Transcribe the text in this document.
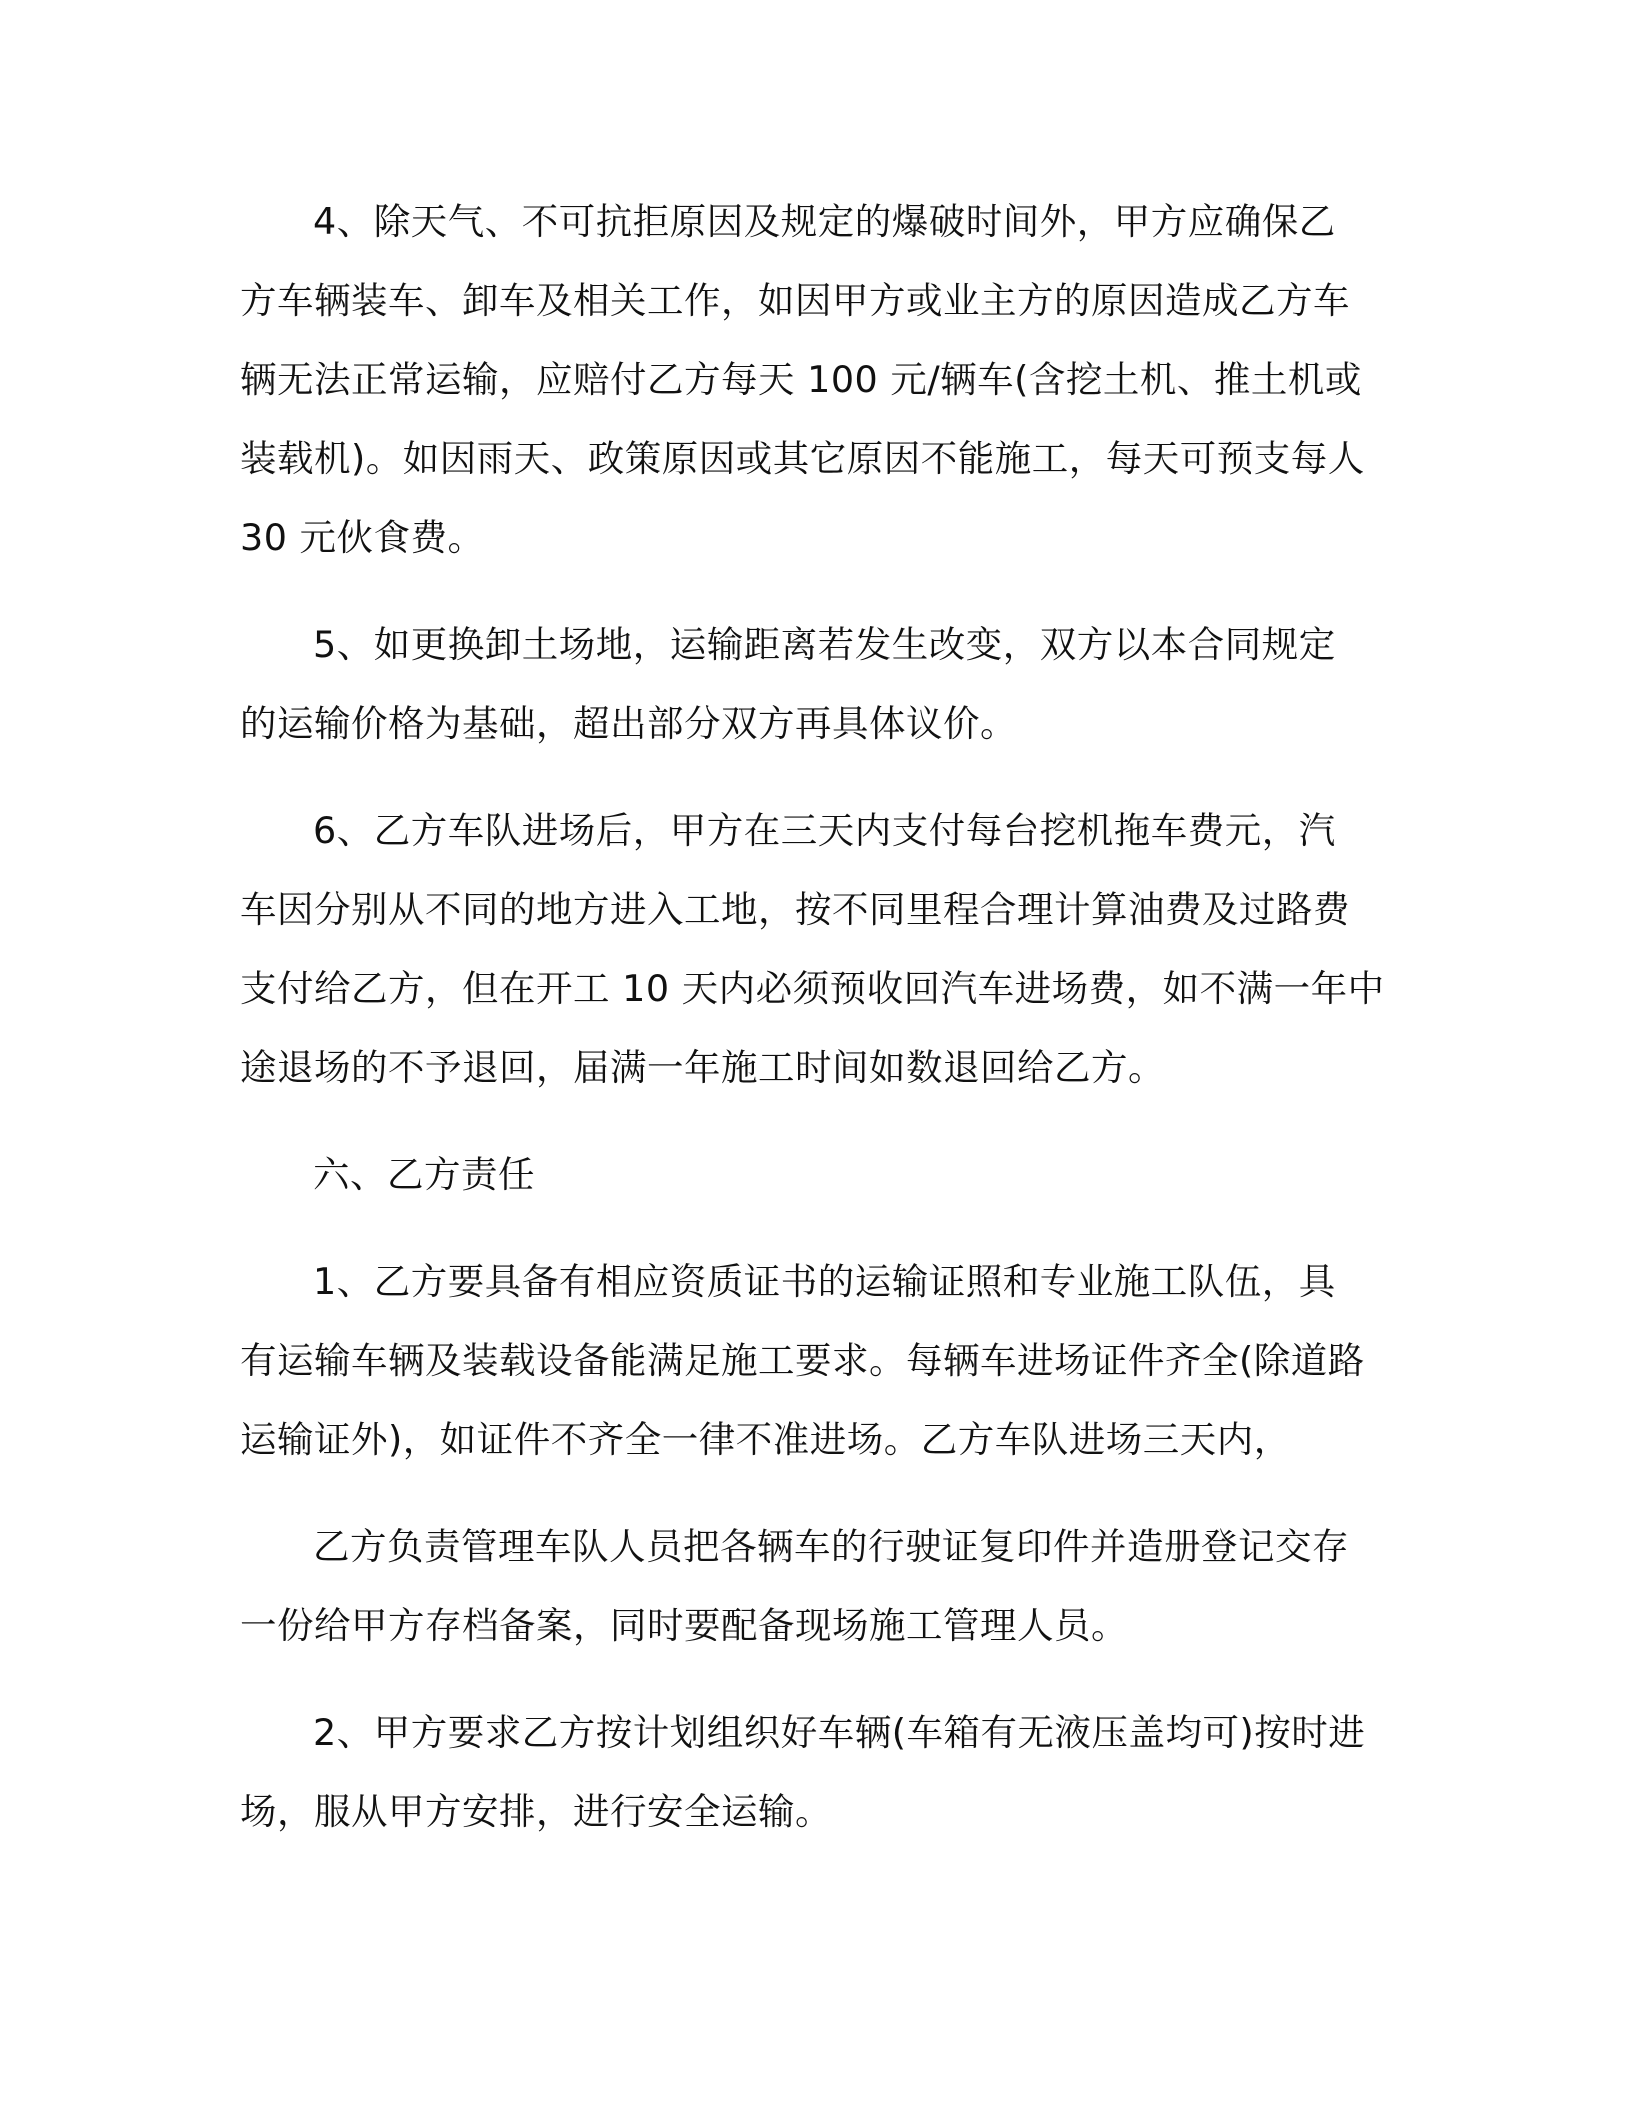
4、除天气、不可抗拒原因及规定的爆破时间外，甲方应确保乙
方车辆装车、卸车及相关工作，如因甲方或业主方的原因造成乙方车
辆无法正常运输，应赔付乙方每天 100 元/辆车(含挖土机、推土机或
装载机)。如因雨天、政策原因或其它原因不能施工，每天可预支每人
30 元伙食费。
5、如更换卸土场地，运输距离若发生改变，双方以本合同规定
的运输价格为基础，超出部分双方再具体议价。
6、乙方车队进场后，甲方在三天内支付每台挖机拖车费元，汽
车因分别从不同的地方进入工地，按不同里程合理计算油费及过路费
支付给乙方，但在开工 10 天内必须预收回汽车进场费，如不满一年中
途退场的不予退回，届满一年施工时间如数退回给乙方。
六、乙方责任
1、乙方要具备有相应资质证书的运输证照和专业施工队伍，具
有运输车辆及装载设备能满足施工要求。每辆车进场证件齐全(除道路
运输证外)，如证件不齐全一律不准进场。乙方车队进场三天内，
乙方负责管理车队人员把各辆车的行驶证复印件并造册登记交存
一份给甲方存档备案，同时要配备现场施工管理人员。
2、甲方要求乙方按计划组织好车辆(车箱有无液压盖均可)按时进
场，服从甲方安排，进行安全运输。
